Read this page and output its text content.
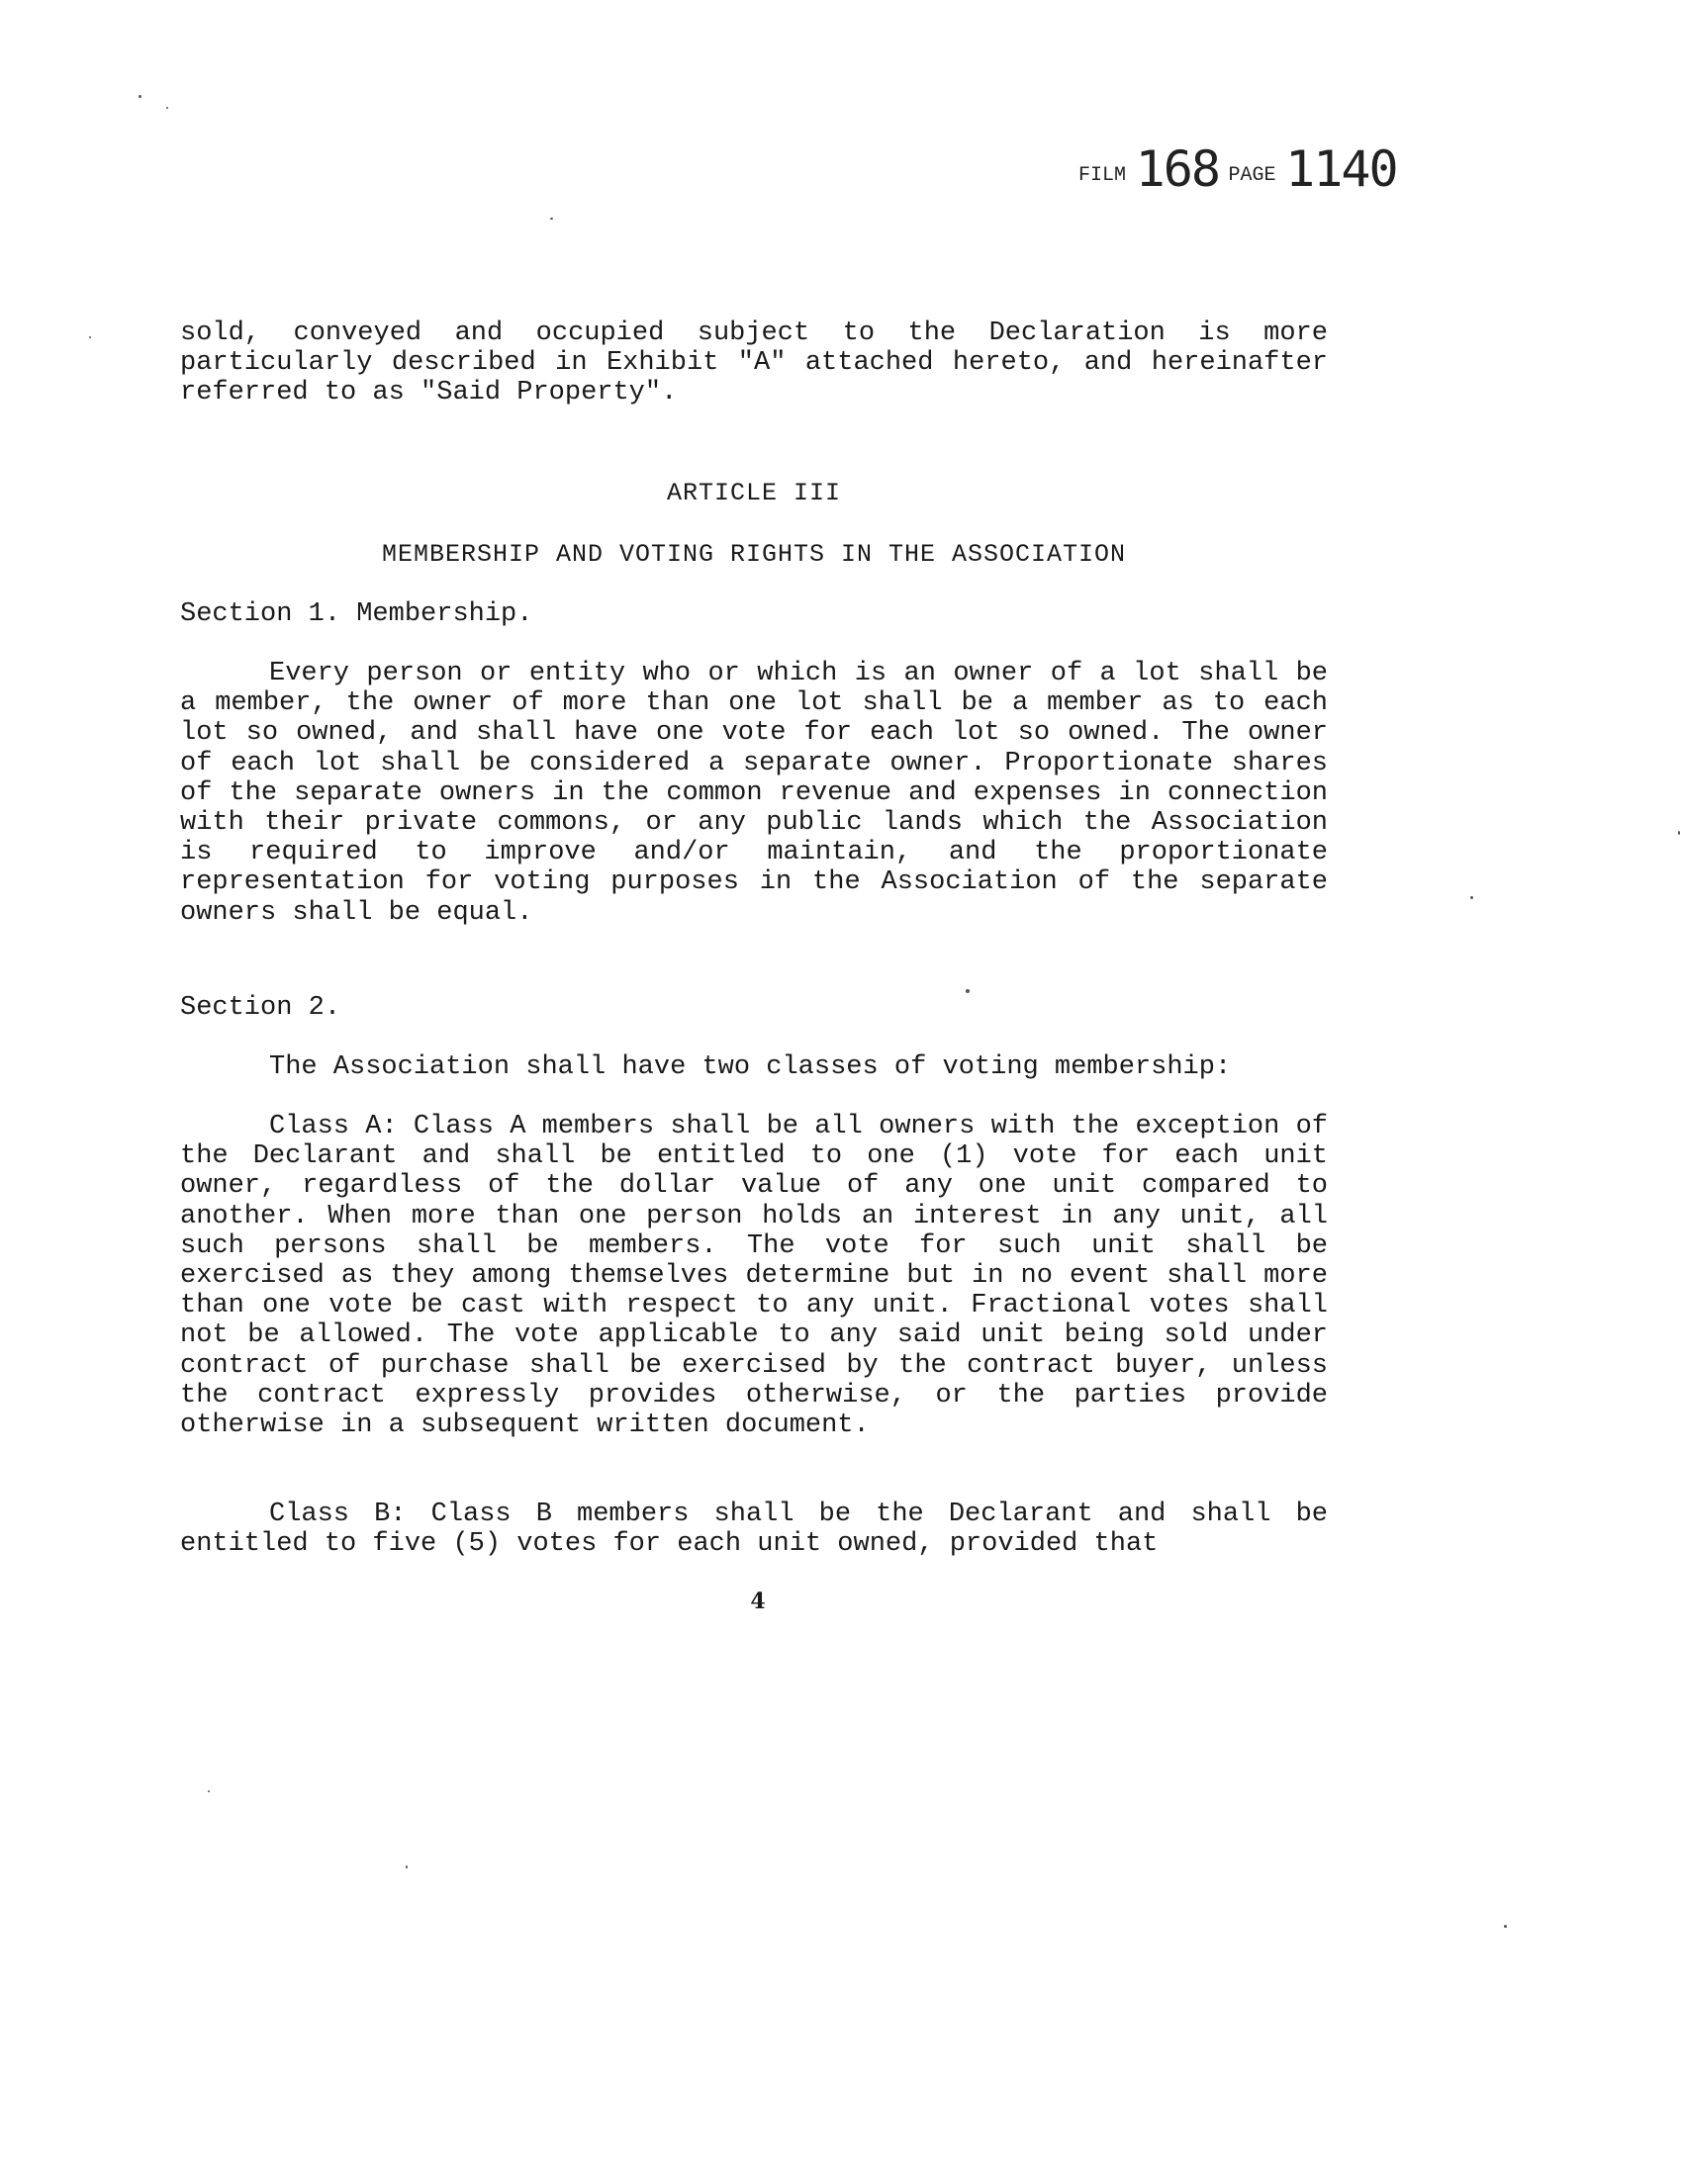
FILM 168 PAGE 1140

sold, conveyed and occupied subject to the Declaration is more particularly described in Exhibit "A" attached hereto, and hereinafter referred to as "Said Property".

ARTICLE III
MEMBERSHIP AND VOTING RIGHTS IN THE ASSOCIATION
Section 1. Membership.

Every person or entity who or which is an owner of a lot shall be a member, the owner of more than one lot shall be a member as to each lot so owned, and shall have one vote for each lot so owned. The owner of each lot shall be considered a separate owner. Proportionate shares of the separate owners in the common revenue and expenses in connection with their private commons, or any public lands which the Association is required to improve and/or maintain, and the proportionate representation for voting purposes in the Association of the separate owners shall be equal.

Section 2.

The Association shall have two classes of voting membership:

Class A: Class A members shall be all owners with the exception of the Declarant and shall be entitled to one (1) vote for each unit owner, regardless of the dollar value of any one unit compared to another. When more than one person holds an interest in any unit, all such persons shall be members. The vote for such unit shall be exercised as they among themselves determine but in no event shall more than one vote be cast with respect to any unit. Fractional votes shall not be allowed. The vote applicable to any said unit being sold under contract of purchase shall be exercised by the contract buyer, unless the contract expressly provides otherwise, or the parties provide otherwise in a subsequent written document.

Class B: Class B members shall be the Declarant and shall be entitled to five (5) votes for each unit owned, provided that

4
